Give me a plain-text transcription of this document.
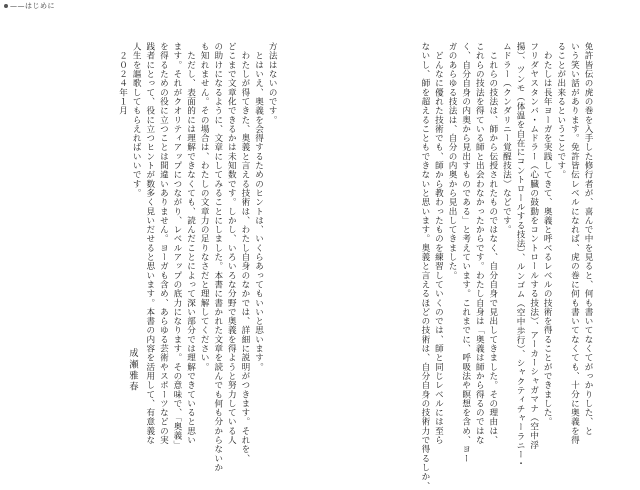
——はじめに

免許皆伝の虎の巻を入手した修行者が、喜んで中を見ると、何も書いてなくてがっかりした、と

いう笑い話があります。免許皆伝レベルになれば、虎の巻に何も書いてなくても、十分に奥義を得

ることが出来るということです。

　わたしは長年ヨーガを実践してきて、奥義と呼べるレベルの技術を得ることができました。

フリダヤスタンバ・ムドラー（心臓の鼓動をコントロールする技法）、アーカーシャガマナ（空中浮

揚）、ツンモ（体温を自在にコントロールする技法）、ルンゴム（空中歩行）、シャクティチャーラニー・

ムドラー（クンダリニー覚醒技法）などです。

　これらの技法は、師から伝授されたものではなく、自分自身で見出してきました。その理由は、

これらの技法を得ている師と出会わなかったからです。わたし自身は「奥義は師から得るのではな

く、自分自身の内奥から見出すものである」と考えています。これまでに、呼吸法や瞑想を含め、ヨー

ガのあらゆる技法は、自分の内奥から見出してきました。

　どんなに優れた技術でも、師から教わったものを練習していくのでは、師と同じレベルには至ら

ないし、師を超えることもできないと思います。奥義と言えるほどの技術は、自分自身の技術力で得るしか、

方法はないのです。

　とはいえ、奥義を会得するためのヒントは、いくらあってもいいと思います。

　わたしが得てきた、奥義と言える技術は、わたし自身のなかでは、詳細に説明がつきます。それを、

どこまで文章化できるかは未知数です。しかし、いろいろな分野で奥義を得ようと努力している人

の助けになるように、文章にしてみることにしました。本書に書かれた文章を読んでも何も分からないか

も知れません。その場合は、わたしの文章力の足りなさだと理解してください。

　ただし、表面的には理解できなくても、読んだことによって深い部分では理解できていると思い

ます。それがクオリティアップにつながり、レベルアップの底力になります。その意味で、「奥義」

を得るための役に立つことは間違いありません。ヨーガも含め、あらゆる芸術やスポーツなどの実

践者にとって、役に立つヒントが数多く見いだせると思います。本書の内容を活用して、有意義な

人生を謳歌してもらえればいいです。

　２０２４年１月

成瀬雅春
